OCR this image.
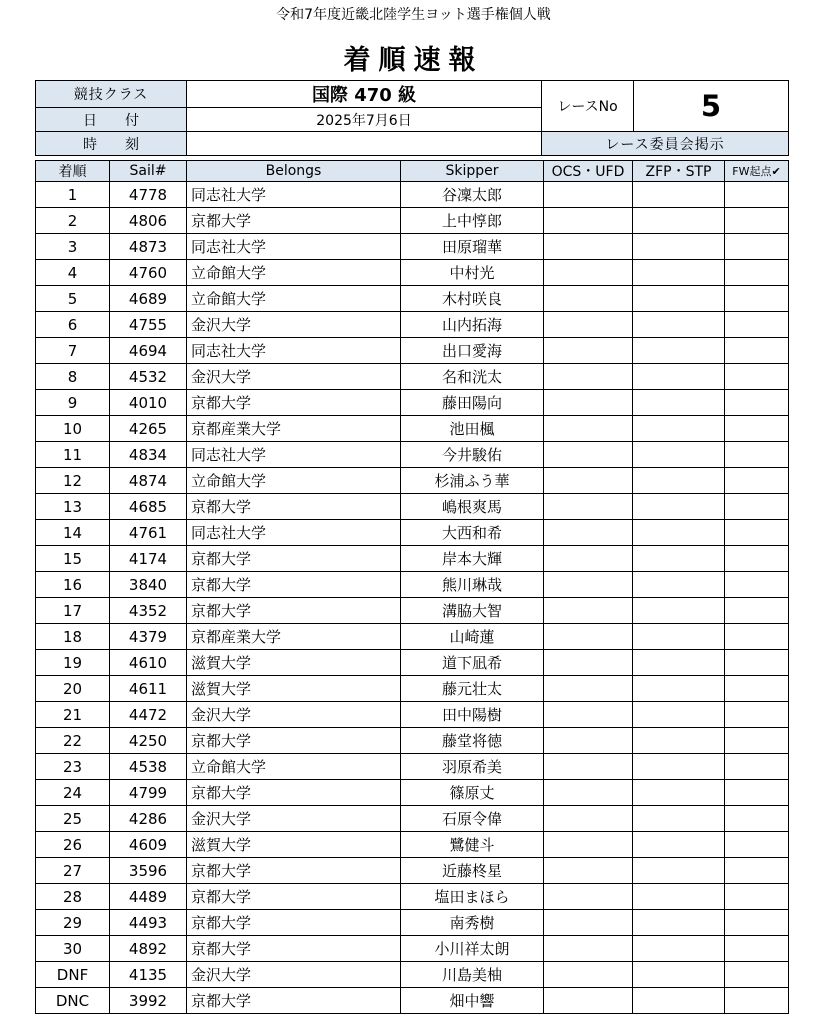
令和7年度近畿北陸学生ヨット選手権個人戦
着順速報
競技クラス	国際 470 級	レースNo	5
日付	2025年7月6日		
時刻		レース委員会掲示	
着順	Sail#	Belongs	Skipper	OCS・UFD	ZFP・STP	FW起点✔
1	4778	同志社大学	谷凜太郎			
2	4806	京都大学	上中惇郎			
3	4873	同志社大学	田原瑠華			
4	4760	立命館大学	中村光			
5	4689	立命館大学	木村咲良			
6	4755	金沢大学	山内拓海			
7	4694	同志社大学	出口愛海			
8	4532	金沢大学	名和洸太			
9	4010	京都大学	藤田陽向			
10	4265	京都産業大学	池田楓			
11	4834	同志社大学	今井駿佑			
12	4874	立命館大学	杉浦ふう華			
13	4685	京都大学	嶋根爽馬			
14	4761	同志社大学	大西和希			
15	4174	京都大学	岸本大輝			
16	3840	京都大学	熊川琳哉			
17	4352	京都大学	溝脇大智			
18	4379	京都産業大学	山崎蓮			
19	4610	滋賀大学	道下凪希			
20	4611	滋賀大学	藤元壮太			
21	4472	金沢大学	田中陽樹			
22	4250	京都大学	藤堂将徳			
23	4538	立命館大学	羽原希美			
24	4799	京都大学	篠原丈			
25	4286	金沢大学	石原令偉			
26	4609	滋賀大学	鷺健斗			
27	3596	京都大学	近藤柊星			
28	4489	京都大学	塩田まほら			
29	4493	京都大学	南秀樹			
30	4892	京都大学	小川祥太朗			
DNF	4135	金沢大学	川島美柚			
DNC	3992	京都大学	畑中響			
